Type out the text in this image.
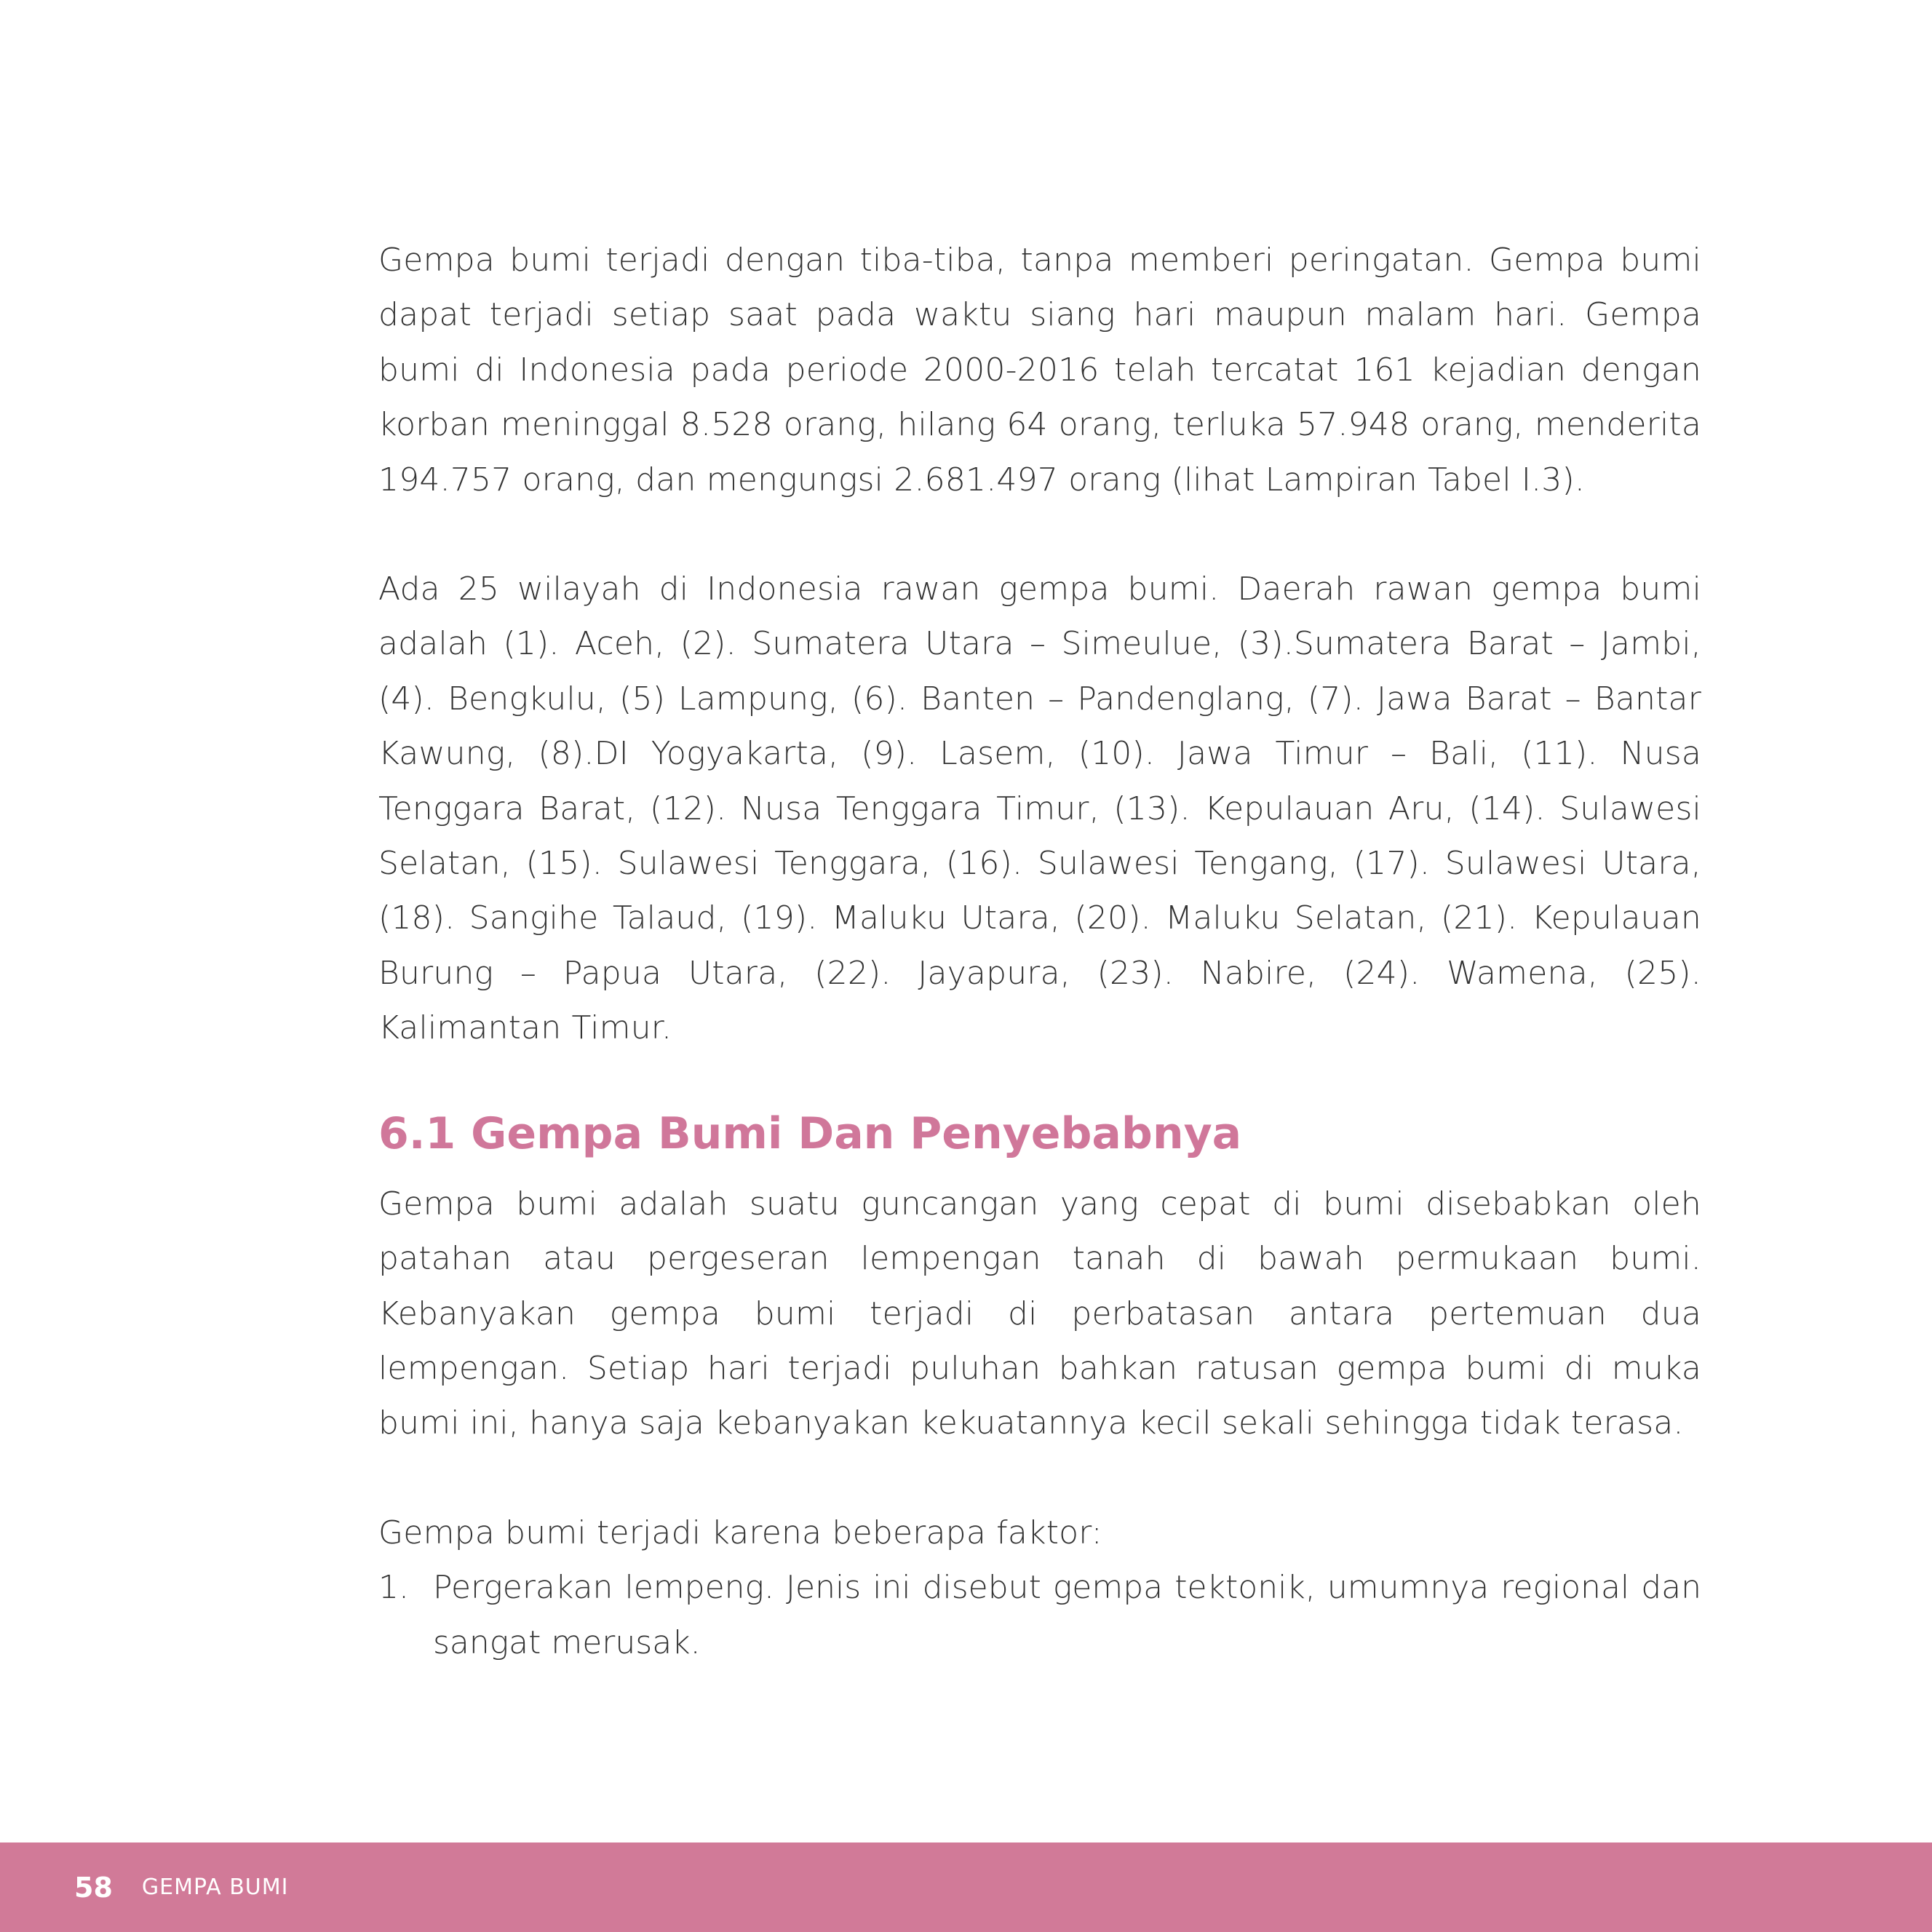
Gempa bumi terjadi dengan tiba-tiba, tanpa memberi peringatan. Gempa bumi dapat terjadi setiap saat pada waktu siang hari maupun malam hari. Gempa bumi di Indonesia pada periode 2000-2016 telah tercatat 161 kejadian dengan korban meninggal 8.528 orang, hilang 64 orang, terluka 57.948 orang, menderita 194.757 orang, dan mengungsi 2.681.497 orang (lihat Lampiran Tabel I.3).

Ada 25 wilayah di Indonesia rawan gempa bumi. Daerah rawan gempa bumi adalah (1). Aceh, (2). Sumatera Utara – Simeulue, (3).Sumatera Barat – Jambi, (4). Bengkulu, (5) Lampung, (6). Banten – Pandenglang, (7). Jawa Barat – Bantar Kawung, (8).DI Yogyakarta, (9). Lasem, (10). Jawa Timur – Bali, (11). Nusa Tenggara Barat, (12). Nusa Tenggara Timur, (13). Kepulauan Aru, (14). Sulawesi Selatan, (15). Sulawesi Tenggara, (16). Sulawesi Tengang, (17). Sulawesi Utara, (18). Sangihe Talaud, (19). Maluku Utara, (20). Maluku Selatan, (21). Kepulauan Burung – Papua Utara, (22). Jayapura, (23). Nabire, (24). Wamena, (25). Kalimantan Timur.

6.1 Gempa Bumi Dan Penyebabnya

Gempa bumi adalah suatu guncangan yang cepat di bumi disebabkan oleh patahan atau pergeseran lempengan tanah di bawah permukaan bumi. Kebanyakan gempa bumi terjadi di perbatasan antara pertemuan dua lempengan. Setiap hari terjadi puluhan bahkan ratusan gempa bumi di muka bumi ini, hanya saja kebanyakan kekuatannya kecil sekali sehingga tidak terasa.

Gempa bumi terjadi karena beberapa faktor:

1. Pergerakan lempeng. Jenis ini disebut gempa tektonik, umumnya regional dan sangat merusak.
58 GEMPA BUMI
